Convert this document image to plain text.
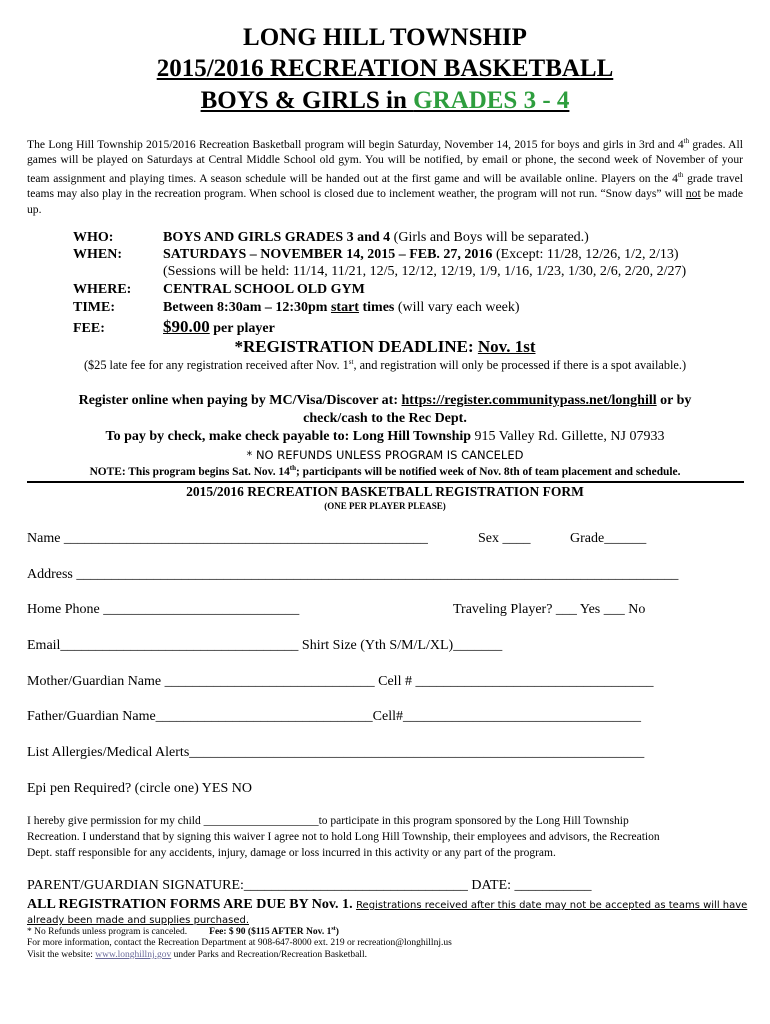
LONG HILL TOWNSHIP
2015/2016 RECREATION BASKETBALL
BOYS & GIRLS in GRADES 3 - 4
The Long Hill Township 2015/2016 Recreation Basketball program will begin Saturday, November 14, 2015 for boys and girls in 3rd and 4th grades. All games will be played on Saturdays at Central Middle School old gym. You will be notified, by email or phone, the second week of November of your team assignment and playing times. A season schedule will be handed out at the first game and will be available online. Players on the 4th grade travel teams may also play in the recreation program. When school is closed due to inclement weather, the program will not run. “Snow days” will not be made up.
WHO:	BOYS AND GIRLS GRADES 3 and 4 (Girls and Boys will be separated.)
WHEN:	SATURDAYS – NOVEMBER 14, 2015 – FEB. 27, 2016 (Except: 11/28, 12/26, 1/2, 2/13)
(Sessions will be held: 11/14, 11/21, 12/5, 12/12, 12/19, 1/9, 1/16, 1/23, 1/30, 2/6, 2/20, 2/27)
WHERE:	CENTRAL SCHOOL OLD GYM
TIME:	Between 8:30am – 12:30pm start times (will vary each week)
FEE:	$90.00 per player
*REGISTRATION DEADLINE: Nov. 1st
($25 late fee for any registration received after Nov. 1st, and registration will only be processed if there is a spot available.)
Register online when paying by MC/Visa/Discover at: https://register.communitypass.net/longhill or by
check/cash to the Rec Dept.
To pay by check, make check payable to: Long Hill Township 915 Valley Rd. Gillette, NJ 07933
* NO REFUNDS UNLESS PROGRAM IS CANCELED
NOTE: This program begins Sat. Nov. 14th; participants will be notified week of Nov. 8th of team placement and schedule.
2015/2016 RECREATION BASKETBALL REGISTRATION FORM
(ONE PER PLAYER PLEASE)
Name ____________________________________________________	Sex ____	Grade______
Address ______________________________________________________________________________________
Home Phone ____________________________	Traveling Player? ___ Yes ___ No
Email__________________________________ Shirt Size (Yth S/M/L/XL)_______
Mother/Guardian Name ______________________________ Cell # __________________________________
Father/Guardian Name_______________________________Cell#__________________________________
List Allergies/Medical Alerts_________________________________________________________________
Epi pen Required? (circle one) YES NO
I hereby give permission for my child ____________________to participate in this program sponsored by the Long Hill Township
Recreation. I understand that by signing this waiver I agree not to hold Long Hill Township, their employees and advisors, the Recreation
Dept. staff responsible for any accidents, injury, damage or loss incurred in this activity or any part of the program.
PARENT/GUARDIAN SIGNATURE:________________________________ DATE: ___________
ALL REGISTRATION FORMS ARE DUE BY Nov. 1. Registrations received after this date may not be accepted as teams will have
already been made and supplies purchased.
* No Refunds unless program is canceled. Fee: $ 90 ($115 AFTER Nov. 1st)
For more information, contact the Recreation Department at 908-647-8000 ext. 219 or recreation@longhillnj.us
Visit the website: www.longhillnj.gov under Parks and Recreation/Recreation Basketball.
